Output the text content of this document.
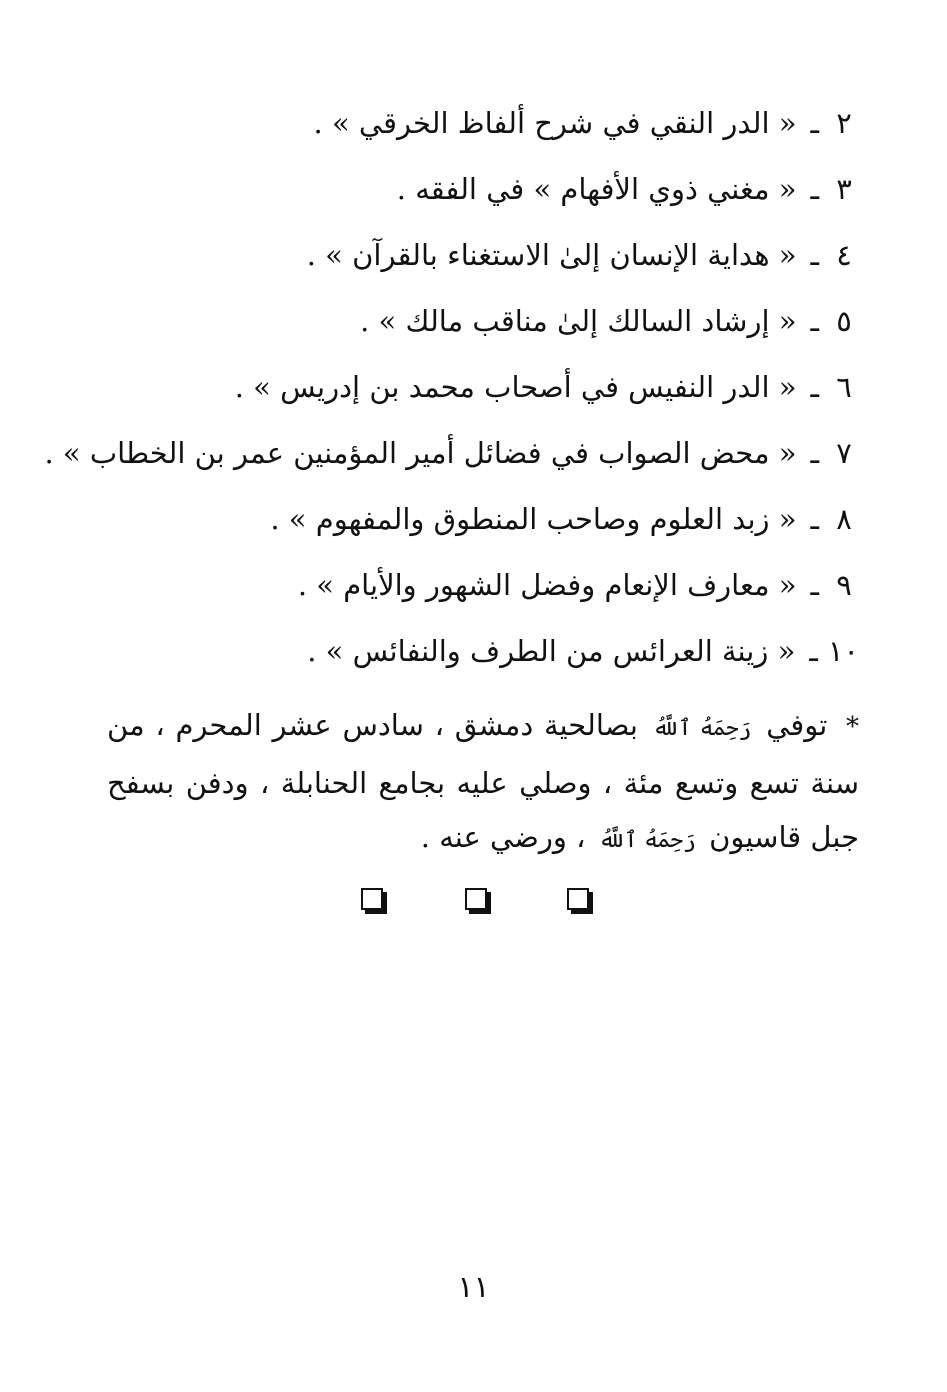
٢ـ« الدر النقي في شرح ألفاظ الخرقي » .
٣ـ« مغني ذوي الأفهام » في الفقه .
٤ـ« هداية الإنسان إلىٰ الاستغناء بالقرآن » .
٥ـ« إرشاد السالك إلىٰ مناقب مالك » .
٦ـ« الدر النفيس في أصحاب محمد بن إدريس » .
٧ـ« محض الصواب في فضائل أمير المؤمنين عمر بن الخطاب » .
٨ـ« زبد العلوم وصاحب المنطوق والمفهوم » .
٩ـ« معارف الإنعام وفضل الشهور والأيام » .
١٠ـ« زينة العرائس من الطرف والنفائس » .
* توفي رَحِمَهُ ٱللَّهُ بصالحية دمشق ، سادس عشر المحرم ، من سنة تسع وتسع مئة ، وصلي عليه بجامع الحنابلة ، ودفن بسفح جبل قاسيون رَحِمَهُ ٱللَّهُ ، ورضي عنه .
١١
